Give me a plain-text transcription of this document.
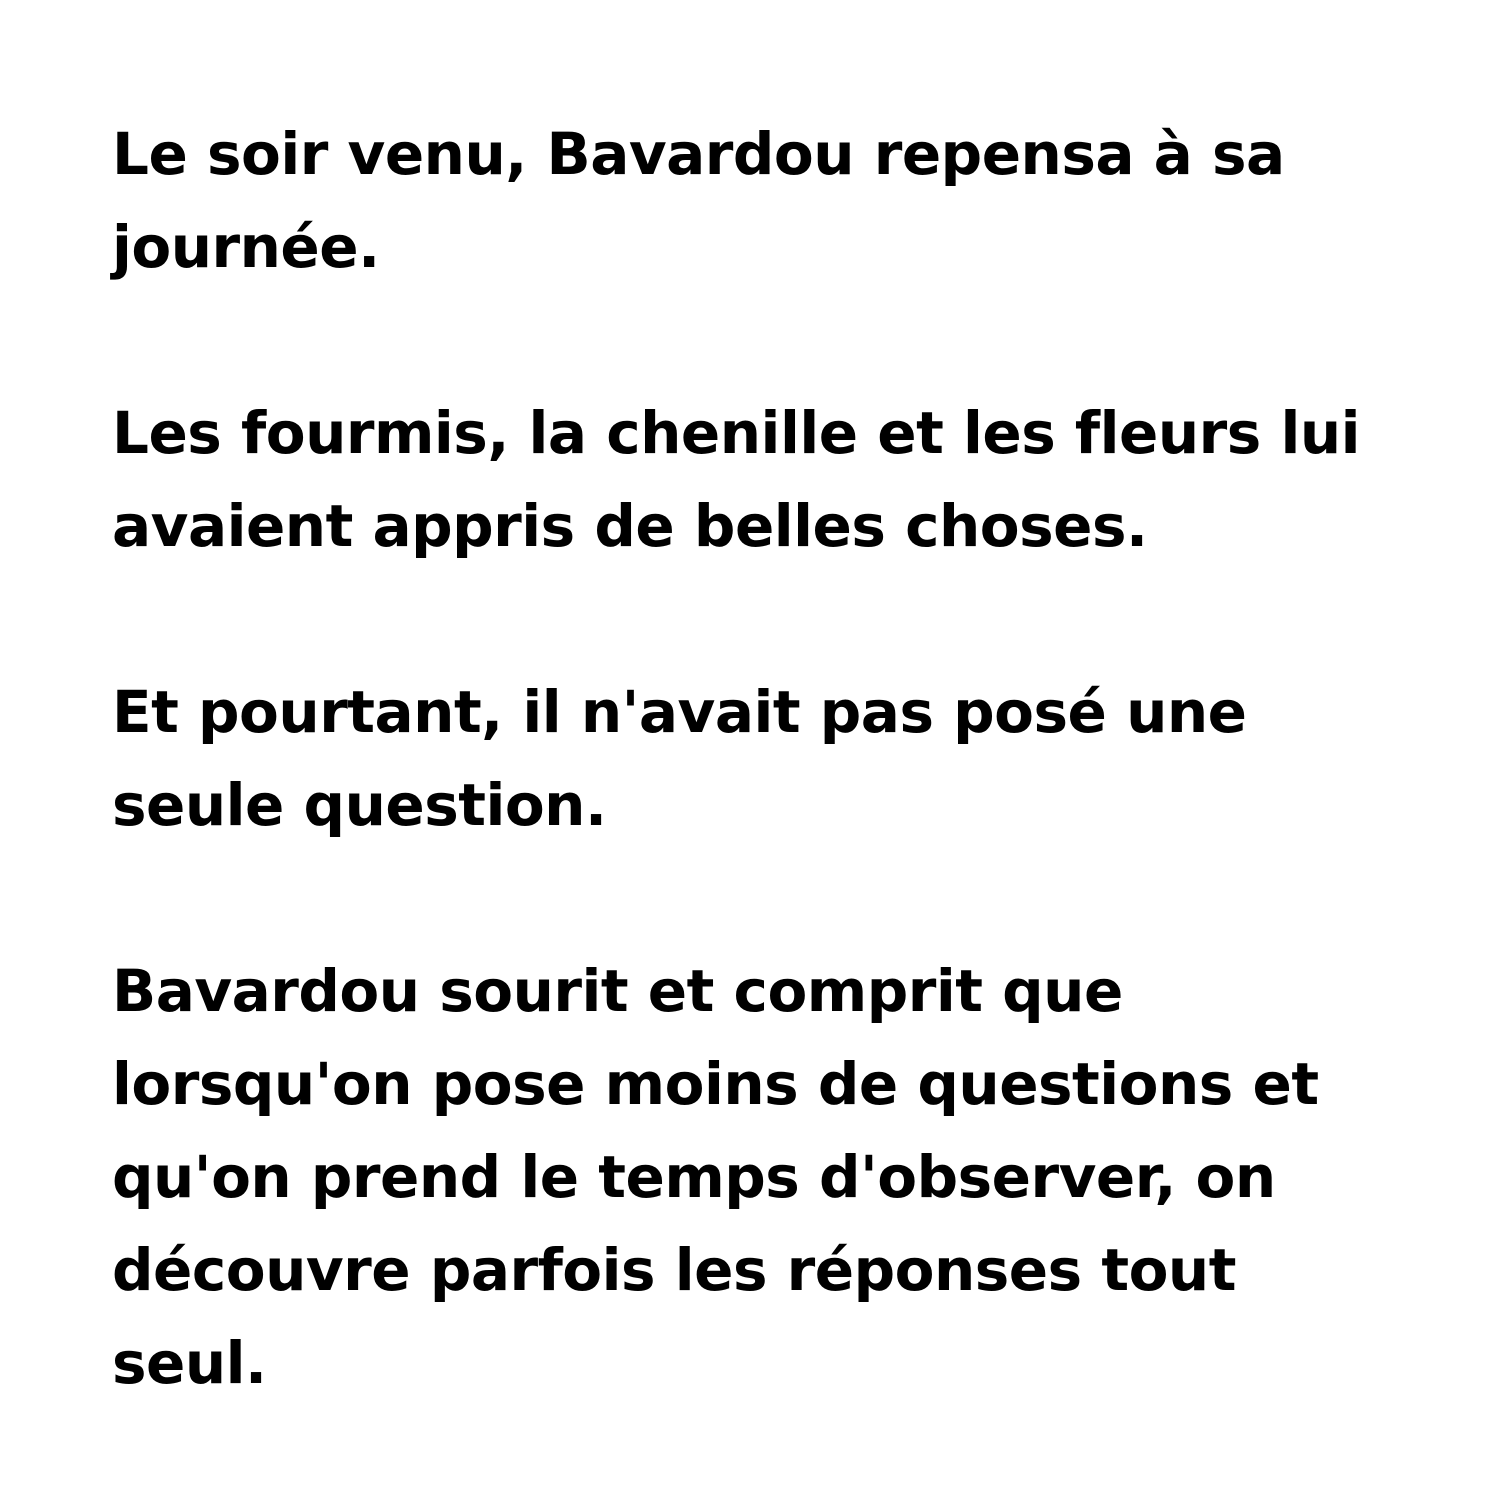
Le soir venu, Bavardou repensa à sa
journée.
Les fourmis, la chenille et les fleurs lui
avaient appris de belles choses.
Et pourtant, il n'avait pas posé une
seule question.
Bavardou sourit et comprit que
lorsqu'on pose moins de questions et
qu'on prend le temps d'observer, on
découvre parfois les réponses tout
seul.
